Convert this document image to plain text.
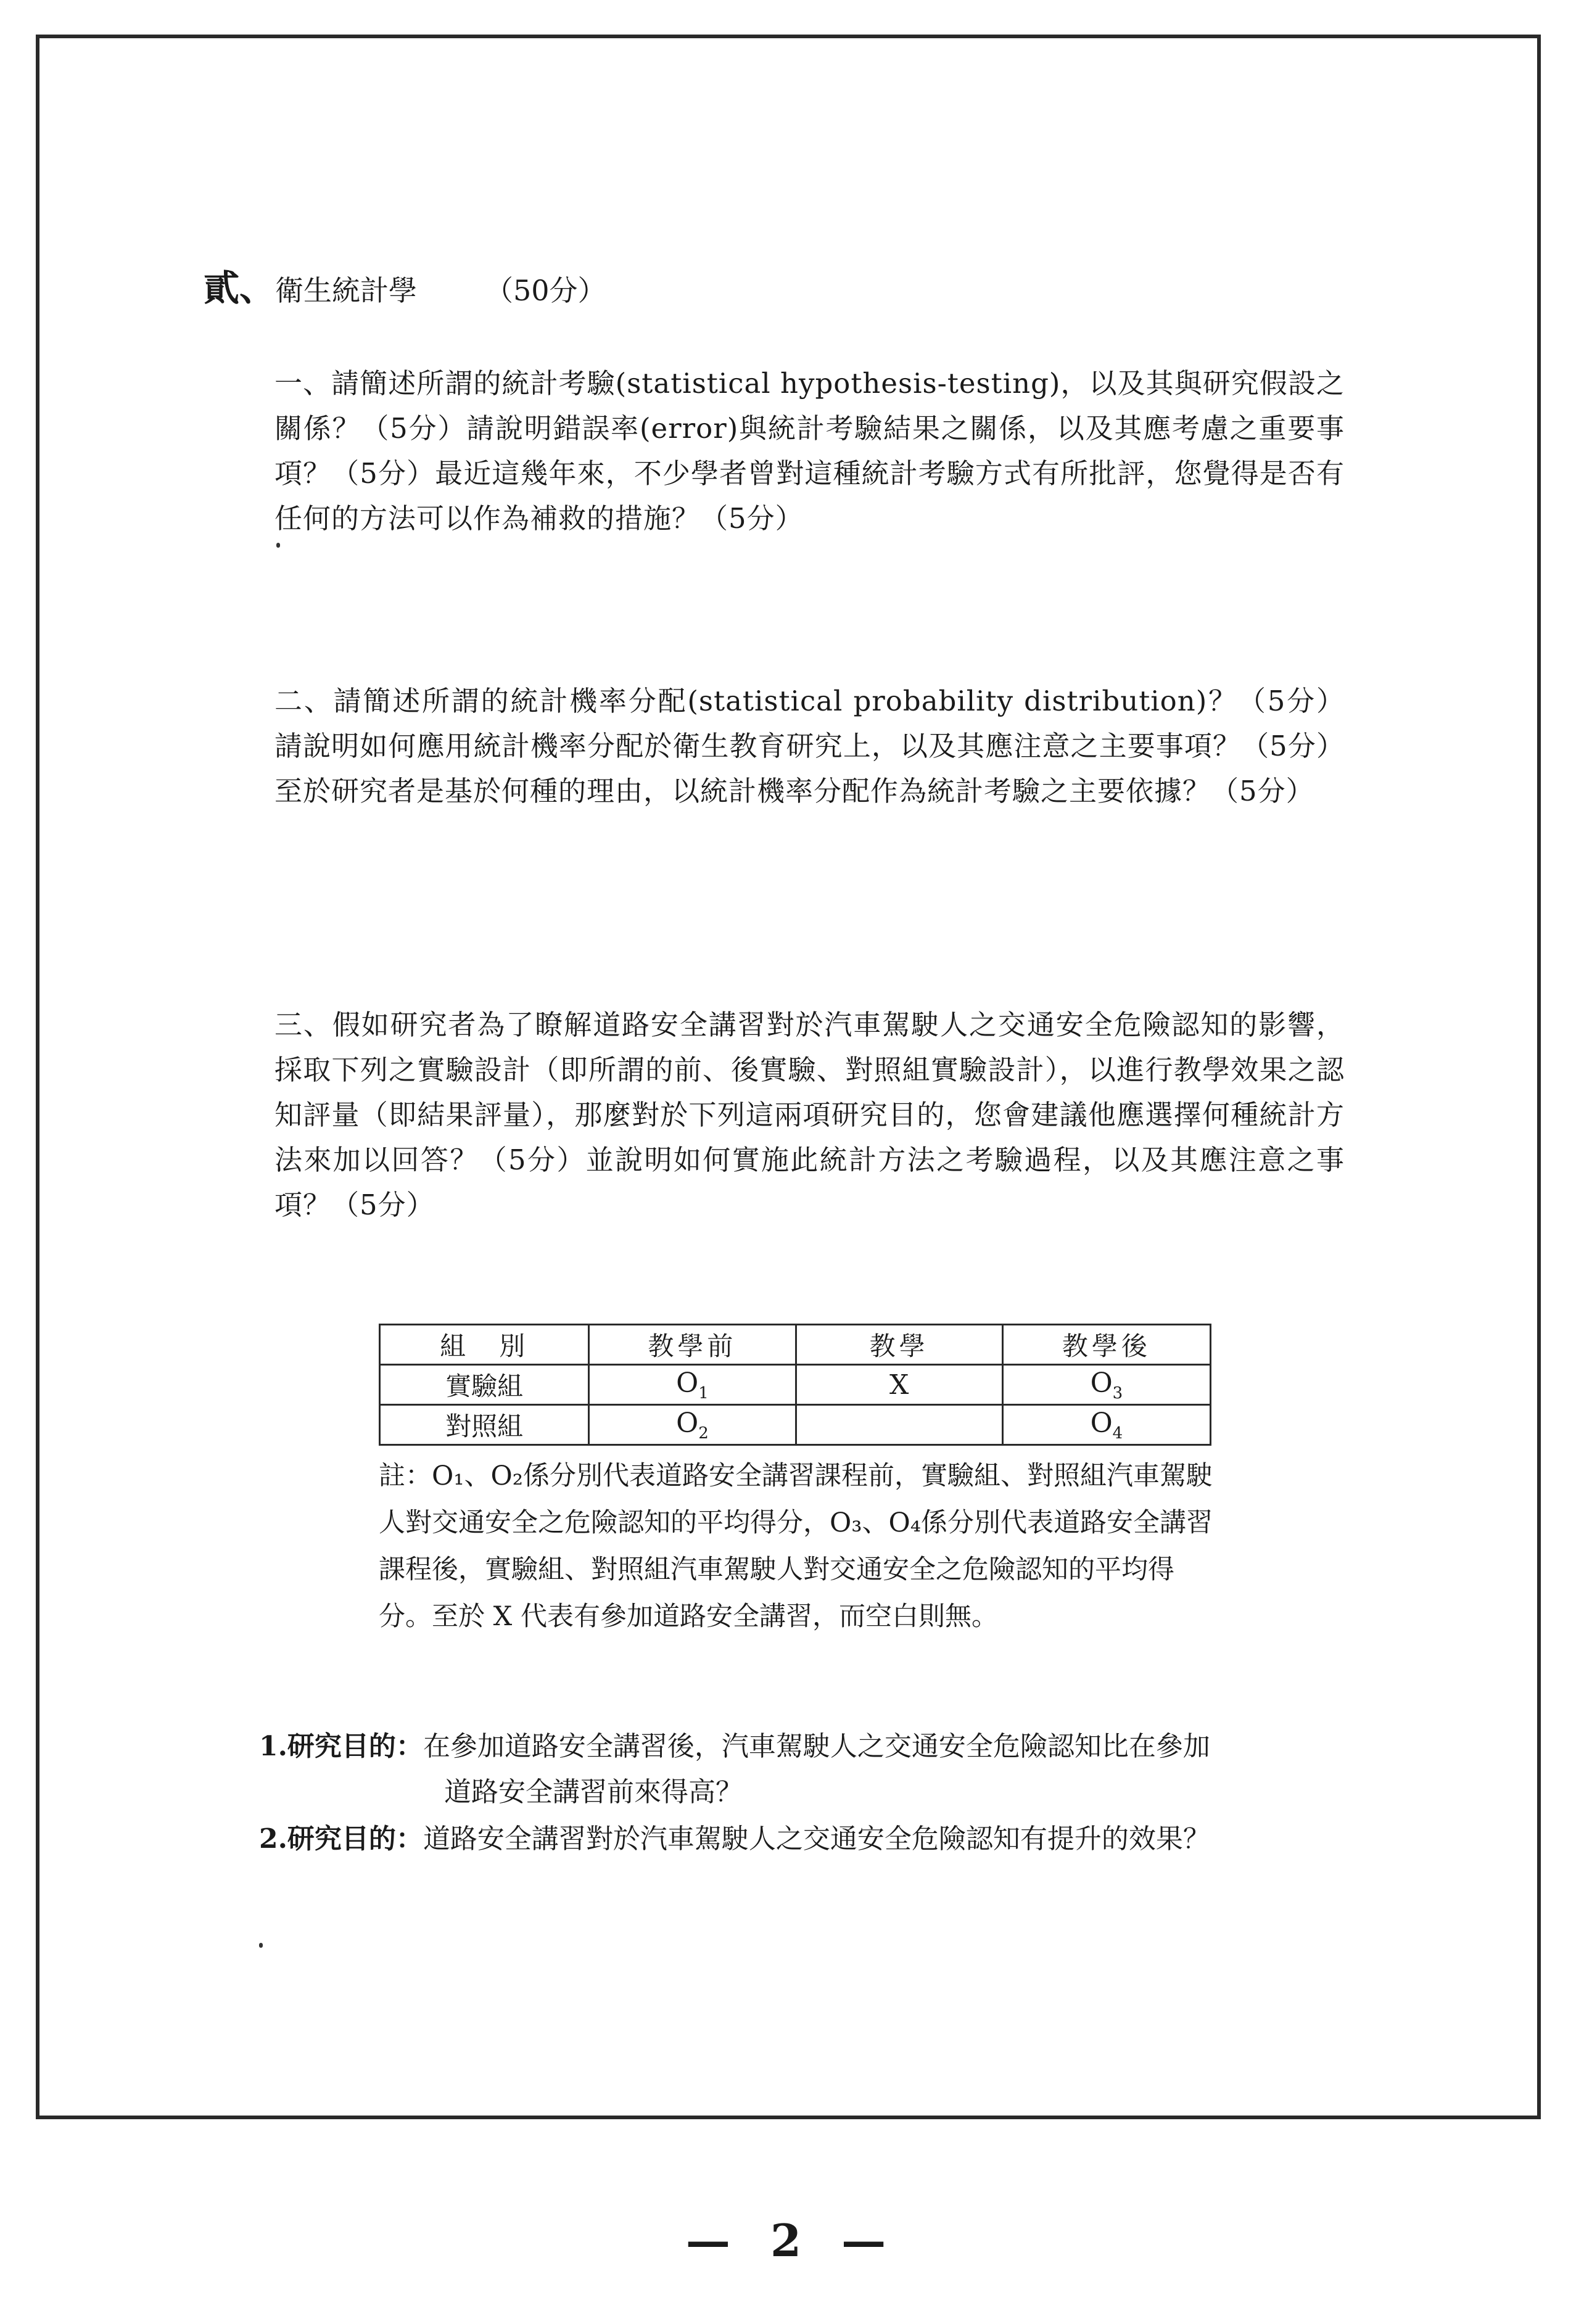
貳、衛生統計學 （50分）
一、請簡述所謂的統計考驗(statistical hypothesis-testing)，以及其與研究假設之關係？（5分）請說明錯誤率(error)與統計考驗結果之關係，以及其應考慮之重要事項？（5分）最近這幾年來，不少學者曾對這種統計考驗方式有所批評，您覺得是否有任何的方法可以作為補救的措施？（5分）
二、請簡述所謂的統計機率分配(statistical probability distribution)？（5分）請說明如何應用統計機率分配於衛生教育研究上，以及其應注意之主要事項？（5分）至於研究者是基於何種的理由，以統計機率分配作為統計考驗之主要依據？（5分）
三、假如研究者為了瞭解道路安全講習對於汽車駕駛人之交通安全危險認知的影響，採取下列之實驗設計（即所謂的前、後實驗、對照組實驗設計），以進行教學效果之認知評量（即結果評量），那麼對於下列這兩項研究目的，您會建議他應選擇何種統計方法來加以回答？（5分）並說明如何實施此統計方法之考驗過程，以及其應注意之事項？（5分）
組　別	教學前	教學	教學後
實驗組	$O_1$	X	$O_3$
對照組	$O_2$		$O_4$
註：O₁、O₂係分別代表道路安全講習課程前，實驗組、對照組汽車駕駛人對交通安全之危險認知的平均得分，O₃、O₄係分別代表道路安全講習課程後，實驗組、對照組汽車駕駛人對交通安全之危險認知的平均得分。至於 X 代表有參加道路安全講習，而空白則無。
1.研究目的：在參加道路安全講習後，汽車駕駛人之交通安全危險認知比在參加
道路安全講習前來得高？
2.研究目的：道路安全講習對於汽車駕駛人之交通安全危險認知有提升的效果？
— 2 —
